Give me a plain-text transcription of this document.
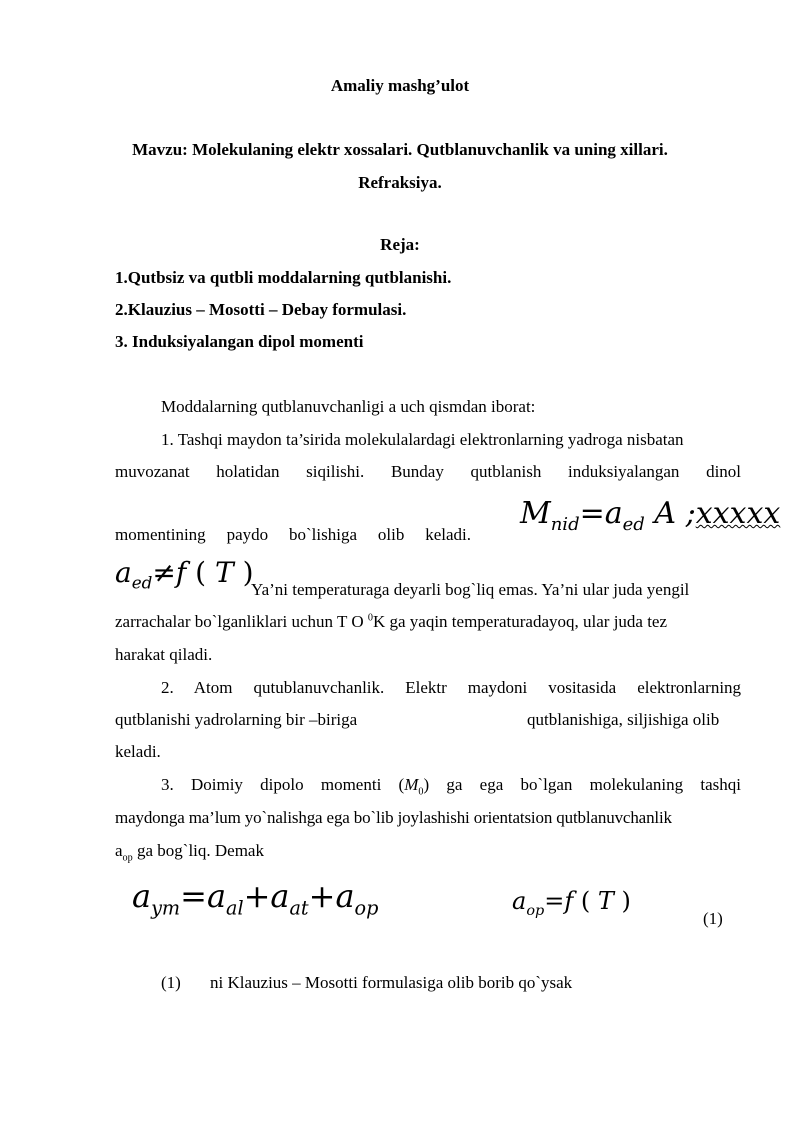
Amaliy mashg’ulot
Mavzu: Molekulaning elektr xossalari. Qutblanuvchanlik va uning xillari.
Refraksiya.
Reja:
1.Qutbsiz va qutbli moddalarning qutblanishi.
2.Klauzius – Mosotti – Debay formulasi.
3. Induksiyalangan dipol momenti
Moddalarning qutblanuvchanligi a uch qismdan iborat:
1. Tashqi maydon ta’sirida molekulalardagi elektronlarning yadroga nisbatan
muvozanat holatidan siqilishi. Bunday qutblanish induksiyalangan dinol
momentining paydo bo`lishiga olib keladi.
$M_{nid}=a_{ed}$ A ;xxxxx
$a_{ed}\ne f$ ( T )
Ya’ni temperaturaga deyarli bog`liq emas. Ya’ni ular juda yengil
zarrachalar bo`lganliklari uchun T O $^0$K ga yaqin temperaturadayoq, ular juda tez
harakat qiladi.
2. Atom qutublanuvchanlik. Elektr maydoni vositasida elektronlarning
qutblanishi yadrolarning bir –biriga	qutblanishiga, siljishiga olib
keladi.
3. Doimiy dipolo momenti $(M_0)$ ga ega bo`lgan molekulaning tashqi
maydonga ma’lum yo`nalishga ega bo`lib joylashishi orientatsion qutblanuvchanlik
$a_{op}$ ga bog`liq. Demak
$a_{ym}=a_{al}+a_{at}+a_{op}$	$a_{op}=f$ ( T )
(1)
(1) ni Klauzius – Mosotti formulasiga olib borib qo`ysak
